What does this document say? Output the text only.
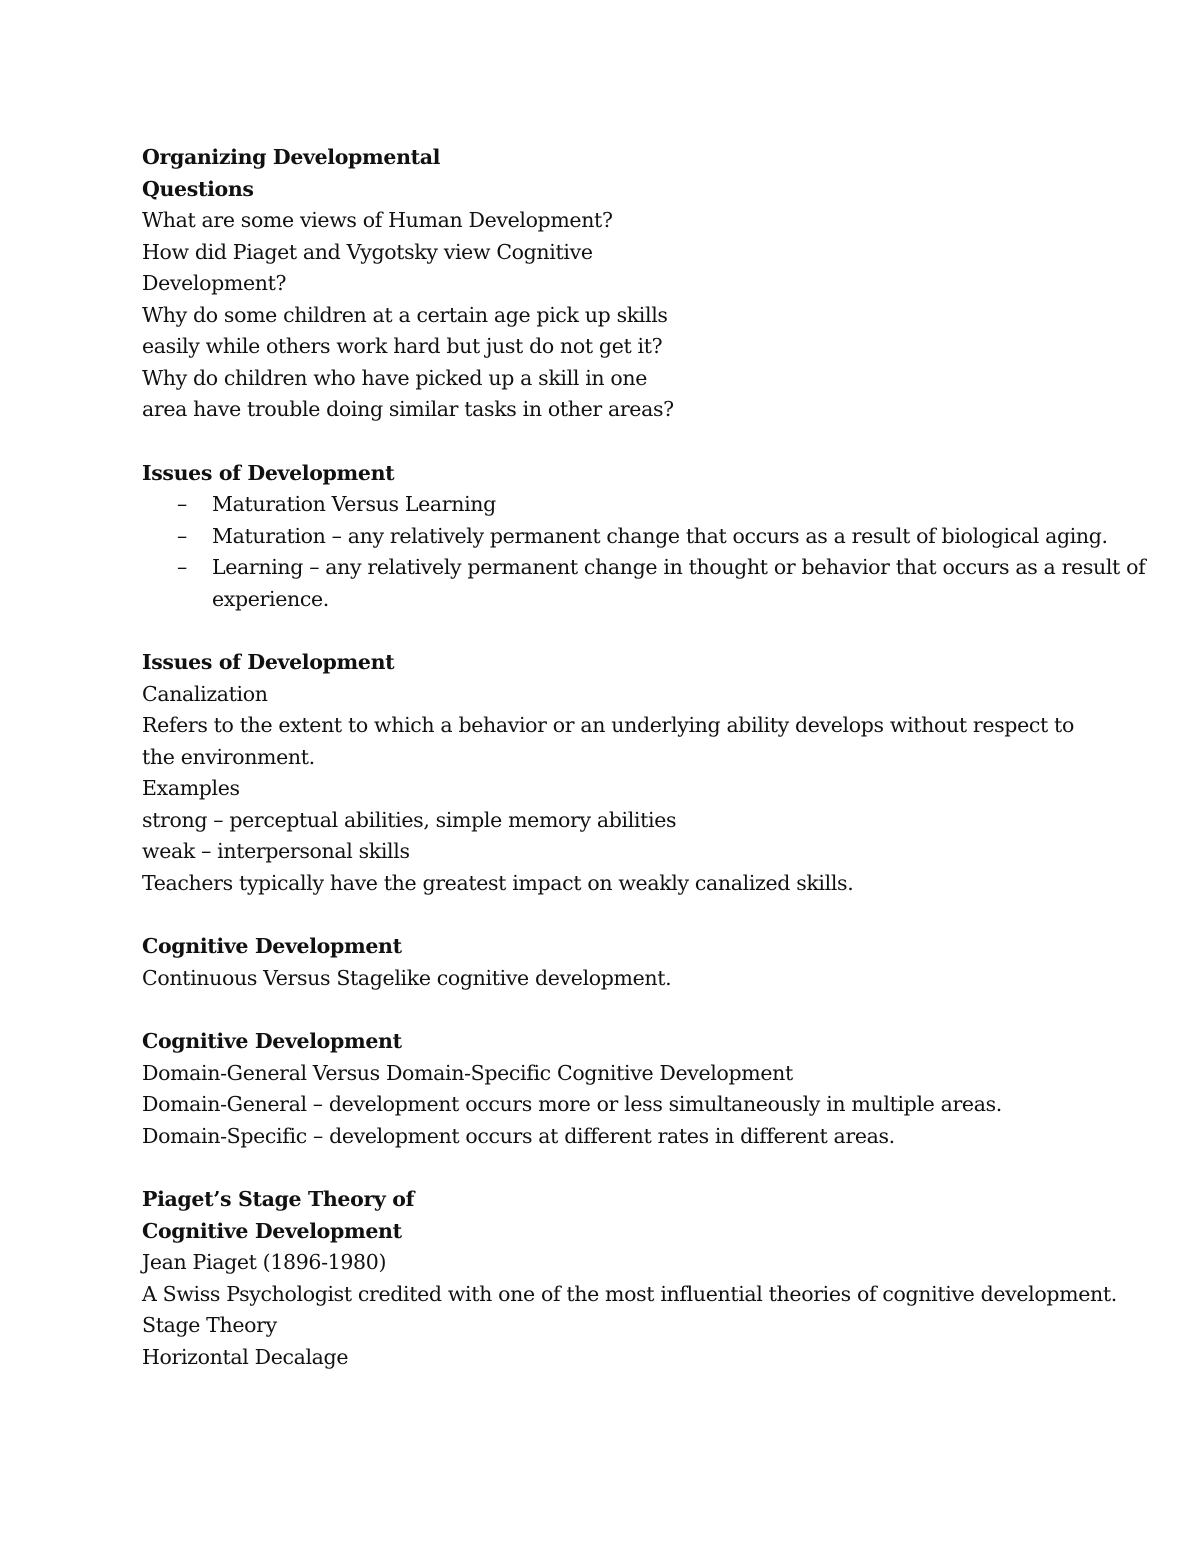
Organizing Developmental
Questions
What are some views of Human Development?
How did Piaget and Vygotsky view Cognitive
Development?
Why do some children at a certain age pick up skills
easily while others work hard but just do not get it?
Why do children who have picked up a skill in one
area have trouble doing similar tasks in other areas?
Issues of Development
– Maturation Versus Learning
– Maturation – any relatively permanent change that occurs as a result of biological aging.
– Learning – any relatively permanent change in thought or behavior that occurs as a result of
experience.
Issues of Development
Canalization
Refers to the extent to which a behavior or an underlying ability develops without respect to
the environment.
Examples
strong – perceptual abilities, simple memory abilities
weak – interpersonal skills
Teachers typically have the greatest impact on weakly canalized skills.
Cognitive Development
Continuous Versus Stagelike cognitive development.
Cognitive Development
Domain-General Versus Domain-Specific Cognitive Development
Domain-General – development occurs more or less simultaneously in multiple areas.
Domain-Specific – development occurs at different rates in different areas.
Piaget’s Stage Theory of
Cognitive Development
Jean Piaget (1896-1980)
A Swiss Psychologist credited with one of the most influential theories of cognitive development.
Stage Theory
Horizontal Decalage
